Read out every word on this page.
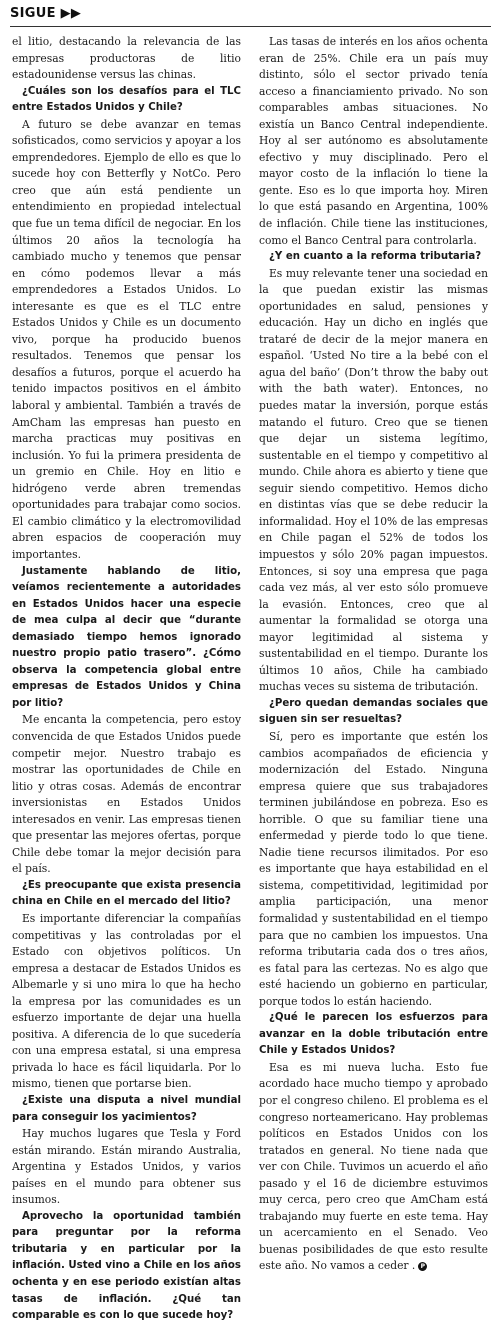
SIGUE ▶▶

el litio, destacando la relevancia de las empresas productoras de litio estadounidense versus las chinas.

¿Cuáles son los desafíos para el TLC entre Estados Unidos y Chile?

A futuro se debe avanzar en temas sofisticados, como servicios y apoyar a los emprendedores. Ejemplo de ello es que lo sucede hoy con Betterfly y NotCo. Pero creo que aún está pendiente un entendimiento en propiedad intelectual que fue un tema difícil de negociar. En los últimos 20 años la tecnología ha cambiado mucho y tenemos que pensar en cómo podemos llevar a más emprendedores a Estados Unidos. Lo interesante es que es el TLC entre Estados Unidos y Chile es un documento vivo, porque ha producido buenos resultados. Tenemos que pensar los desafíos a futuros, porque el acuerdo ha tenido impactos positivos en el ámbito laboral y ambiental. También a través de AmCham las empresas han puesto en marcha practicas muy positivas en inclusión. Yo fui la primera presidenta de un gremio en Chile. Hoy en litio e hidrógeno verde abren tremendas oportunidades para trabajar como socios. El cambio climático y la electromovilidad abren espacios de cooperación muy importantes.

Justamente hablando de litio, veíamos recientemente a autoridades en Estados Unidos hacer una especie de mea culpa al decir que “durante demasiado tiempo hemos ignorado nuestro propio patio trasero”. ¿Cómo observa la competencia global entre empresas de Estados Unidos y China por litio?

Me encanta la competencia, pero estoy convencida de que Estados Unidos puede competir mejor. Nuestro trabajo es mostrar las oportunidades de Chile en litio y otras cosas. Además de encontrar inversionistas en Estados Unidos interesados en venir. Las empresas tienen que presentar las mejores ofertas, porque Chile debe tomar la mejor decisión para el país.

¿Es preocupante que exista presencia china en Chile en el mercado del litio?

Es importante diferenciar la compañías competitivas y las controladas por el Estado con objetivos políticos. Un empresa a destacar de Estados Unidos es Albemarle y si uno mira lo que ha hecho la empresa por las comunidades es un esfuerzo importante de dejar una huella positiva. A diferencia de lo que sucedería con una empresa estatal, si una empresa privada lo hace es fácil liquidarla. Por lo mismo, tienen que portarse bien.

¿Existe una disputa a nivel mundial para conseguir los yacimientos?

Hay muchos lugares que Tesla y Ford están mirando. Están mirando Australia, Argentina y Estados Unidos, y varios países en el mundo para obtener sus insumos.

Aprovecho la oportunidad también para preguntar por la reforma tributaria y en particular por la inflación. Usted vino a Chile en los años ochenta y en ese periodo existían altas tasas de inflación. ¿Qué tan comparable es con lo que sucede hoy?

Las tasas de interés en los años ochenta eran de 25%. Chile era un país muy distinto, sólo el sector privado tenía acceso a financiamiento privado. No son comparables ambas situaciones. No existía un Banco Central independiente. Hoy al ser autónomo es absolutamente efectivo y muy disciplinado. Pero el mayor costo de la inflación lo tiene la gente. Eso es lo que importa hoy. Miren lo que está pasando en Argentina, 100% de inflación. Chile tiene las instituciones, como el Banco Central para controlarla.

¿Y en cuanto a la reforma tributaria?

Es muy relevante tener una sociedad en la que puedan existir las mismas oportunidades en salud, pensiones y educación. Hay un dicho en inglés que trataré de decir de la mejor manera en español. ‘Usted No tire a la bebé con el agua del baño’ (Don’t throw the baby out with the bath water). Entonces, no puedes matar la inversión, porque estás matando el futuro. Creo que se tienen que dejar un sistema legítimo, sustentable en el tiempo y competitivo al mundo. Chile ahora es abierto y tiene que seguir siendo competitivo. Hemos dicho en distintas vías que se debe reducir la informalidad. Hoy el 10% de las empresas en Chile pagan el 52% de todos los impuestos y sólo 20% pagan impuestos. Entonces, si soy una empresa que paga cada vez más, al ver esto sólo promueve la evasión. Entonces, creo que al aumentar la formalidad se otorga una mayor legitimidad al sistema y sustentabilidad en el tiempo. Durante los últimos 10 años, Chile ha cambiado muchas veces su sistema de tributación.

¿Pero quedan demandas sociales que siguen sin ser resueltas?

Sí, pero es importante que estén los cambios acompañados de eficiencia y modernización del Estado. Ninguna empresa quiere que sus trabajadores terminen jubilándose en pobreza. Eso es horrible. O que su familiar tiene una enfermedad y pierde todo lo que tiene. Nadie tiene recursos ilimitados. Por eso es importante que haya estabilidad en el sistema, competitividad, legitimidad por amplia participación, una menor formalidad y sustentabilidad en el tiempo para que no cambien los impuestos. Una reforma tributaria cada dos o tres años, es fatal para las certezas. No es algo que esté haciendo un gobierno en particular, porque todos lo están haciendo.

¿Qué le parecen los esfuerzos para avanzar en la doble tributación entre Chile y Estados Unidos?

Esa es mi nueva lucha. Esto fue acordado hace mucho tiempo y aprobado por el congreso chileno. El problema es el congreso norteamericano. Hay problemas políticos en Estados Unidos con los tratados en general. No tiene nada que ver con Chile. Tuvimos un acuerdo el año pasado y el 16 de diciembre estuvimos muy cerca, pero creo que AmCham está trabajando muy fuerte en este tema. Hay un acercamiento en el Senado. Veo buenas posibilidades de que esto resulte este año. No vamos a ceder . P
